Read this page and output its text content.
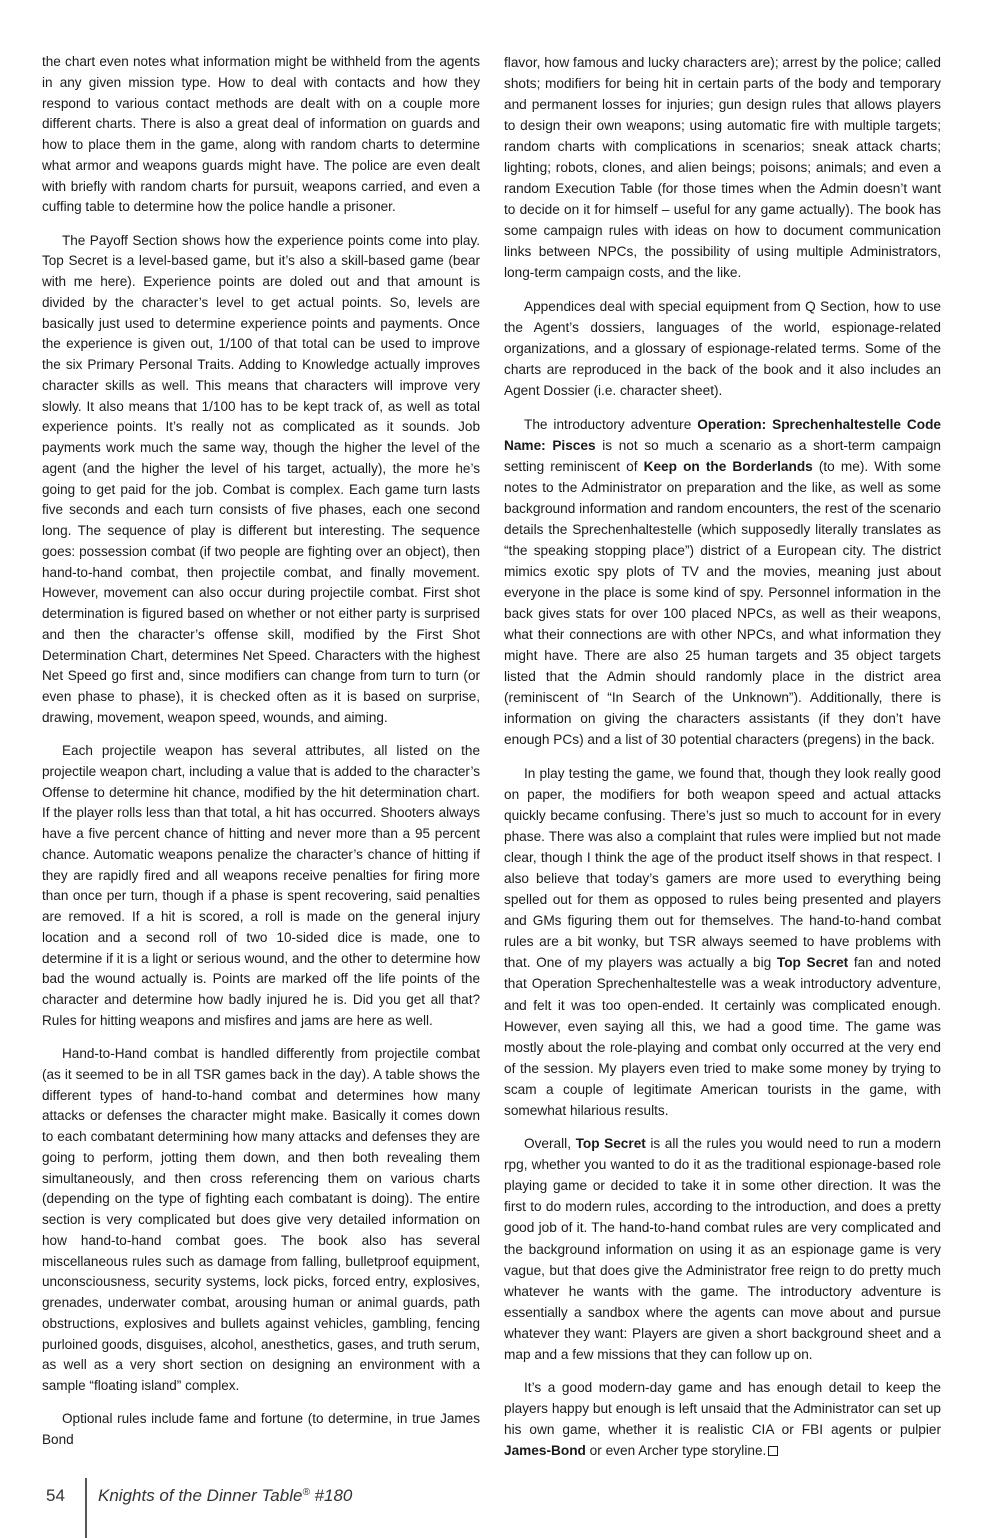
the chart even notes what information might be withheld from the agents in any given mission type. How to deal with contacts and how they respond to various contact methods are dealt with on a couple more different charts. There is also a great deal of information on guards and how to place them in the game, along with random charts to determine what armor and weapons guards might have. The police are even dealt with briefly with random charts for pursuit, weapons carried, and even a cuffing table to determine how the police handle a prisoner.

The Payoff Section shows how the experience points come into play. Top Secret is a level-based game, but it’s also a skill-based game (bear with me here). Experience points are doled out and that amount is divided by the character’s level to get actual points. So, levels are basically just used to determine experience points and payments. Once the experience is given out, 1/100 of that total can be used to improve the six Primary Personal Traits. Adding to Knowledge actually improves character skills as well. This means that characters will improve very slowly. It also means that 1/100 has to be kept track of, as well as total experience points. It’s really not as complicated as it sounds. Job payments work much the same way, though the higher the level of the agent (and the higher the level of his target, actually), the more he’s going to get paid for the job. Combat is complex. Each game turn lasts five seconds and each turn consists of five phases, each one second long. The sequence of play is different but interesting. The sequence goes: possession combat (if two people are fighting over an object), then hand-to-hand combat, then projectile combat, and finally movement. However, movement can also occur during projectile combat. First shot determination is figured based on whether or not either party is surprised and then the character’s offense skill, modified by the First Shot Determination Chart, determines Net Speed. Characters with the highest Net Speed go first and, since modifiers can change from turn to turn (or even phase to phase), it is checked often as it is based on surprise, drawing, movement, weapon speed, wounds, and aiming.

Each projectile weapon has several attributes, all listed on the projectile weapon chart, including a value that is added to the character’s Offense to determine hit chance, modified by the hit determination chart. If the player rolls less than that total, a hit has occurred. Shooters always have a five percent chance of hitting and never more than a 95 percent chance. Automatic weapons penalize the character’s chance of hitting if they are rapidly fired and all weapons receive penalties for firing more than once per turn, though if a phase is spent recovering, said penalties are removed. If a hit is scored, a roll is made on the general injury location and a second roll of two 10-sided dice is made, one to determine if it is a light or serious wound, and the other to determine how bad the wound actually is. Points are marked off the life points of the character and determine how badly injured he is. Did you get all that? Rules for hitting weapons and misfires and jams are here as well.

Hand-to-Hand combat is handled differently from projectile combat (as it seemed to be in all TSR games back in the day). A table shows the different types of hand-to-hand combat and determines how many attacks or defenses the character might make. Basically it comes down to each combatant determining how many attacks and defenses they are going to perform, jotting them down, and then both revealing them simultaneously, and then cross referencing them on various charts (depending on the type of fighting each combatant is doing). The entire section is very complicated but does give very detailed information on how hand-to-hand combat goes. The book also has several miscellaneous rules such as damage from falling, bulletproof equipment, unconsciousness, security systems, lock picks, forced entry, explosives, grenades, underwater combat, arousing human or animal guards, path obstructions, explosives and bullets against vehicles, gambling, fencing purloined goods, disguises, alcohol, anesthetics, gases, and truth serum, as well as a very short section on designing an environment with a sample “floating island” complex.

Optional rules include fame and fortune (to determine, in true James Bond

flavor, how famous and lucky characters are); arrest by the police; called shots; modifiers for being hit in certain parts of the body and temporary and permanent losses for injuries; gun design rules that allows players to design their own weapons; using automatic fire with multiple targets; random charts with complications in scenarios; sneak attack charts; lighting; robots, clones, and alien beings; poisons; animals; and even a random Execution Table (for those times when the Admin doesn’t want to decide on it for himself – useful for any game actually). The book has some campaign rules with ideas on how to document communication links between NPCs, the possibility of using multiple Administrators, long-term campaign costs, and the like.

Appendices deal with special equipment from Q Section, how to use the Agent’s dossiers, languages of the world, espionage-related organizations, and a glossary of espionage-related terms. Some of the charts are reproduced in the back of the book and it also includes an Agent Dossier (i.e. character sheet).

The introductory adventure Operation: Sprechenhaltestelle Code Name: Pisces is not so much a scenario as a short-term campaign setting reminiscent of Keep on the Borderlands (to me). With some notes to the Administrator on preparation and the like, as well as some background information and random encounters, the rest of the scenario details the Sprechenhaltestelle (which supposedly literally translates as “the speaking stopping place”) district of a European city. The district mimics exotic spy plots of TV and the movies, meaning just about everyone in the place is some kind of spy. Personnel information in the back gives stats for over 100 placed NPCs, as well as their weapons, what their connections are with other NPCs, and what information they might have. There are also 25 human targets and 35 object targets listed that the Admin should randomly place in the district area (reminiscent of “In Search of the Unknown”). Additionally, there is information on giving the characters assistants (if they don’t have enough PCs) and a list of 30 potential characters (pregens) in the back.

In play testing the game, we found that, though they look really good on paper, the modifiers for both weapon speed and actual attacks quickly became confusing. There’s just so much to account for in every phase. There was also a complaint that rules were implied but not made clear, though I think the age of the product itself shows in that respect. I also believe that today’s gamers are more used to everything being spelled out for them as opposed to rules being presented and players and GMs figuring them out for themselves. The hand-to-hand combat rules are a bit wonky, but TSR always seemed to have problems with that. One of my players was actually a big Top Secret fan and noted that Operation Sprechenhaltestelle was a weak introductory adventure, and felt it was too open-ended. It certainly was complicated enough. However, even saying all this, we had a good time. The game was mostly about the role-playing and combat only occurred at the very end of the session. My players even tried to make some money by trying to scam a couple of legitimate American tourists in the game, with somewhat hilarious results.

Overall, Top Secret is all the rules you would need to run a modern rpg, whether you wanted to do it as the traditional espionage-based role playing game or decided to take it in some other direction. It was the first to do modern rules, according to the introduction, and does a pretty good job of it. The hand-to-hand combat rules are very complicated and the background information on using it as an espionage game is very vague, but that does give the Administrator free reign to do pretty much whatever he wants with the game. The introductory adventure is essentially a sandbox where the agents can move about and pursue whatever they want: Players are given a short background sheet and a map and a few missions that they can follow up on.

It’s a good modern-day game and has enough detail to keep the players happy but enough is left unsaid that the Administrator can set up his own game, whether it is realistic CIA or FBI agents or pulpier James-Bond or even Archer type storyline.

54 Knights of the Dinner Table® #180
